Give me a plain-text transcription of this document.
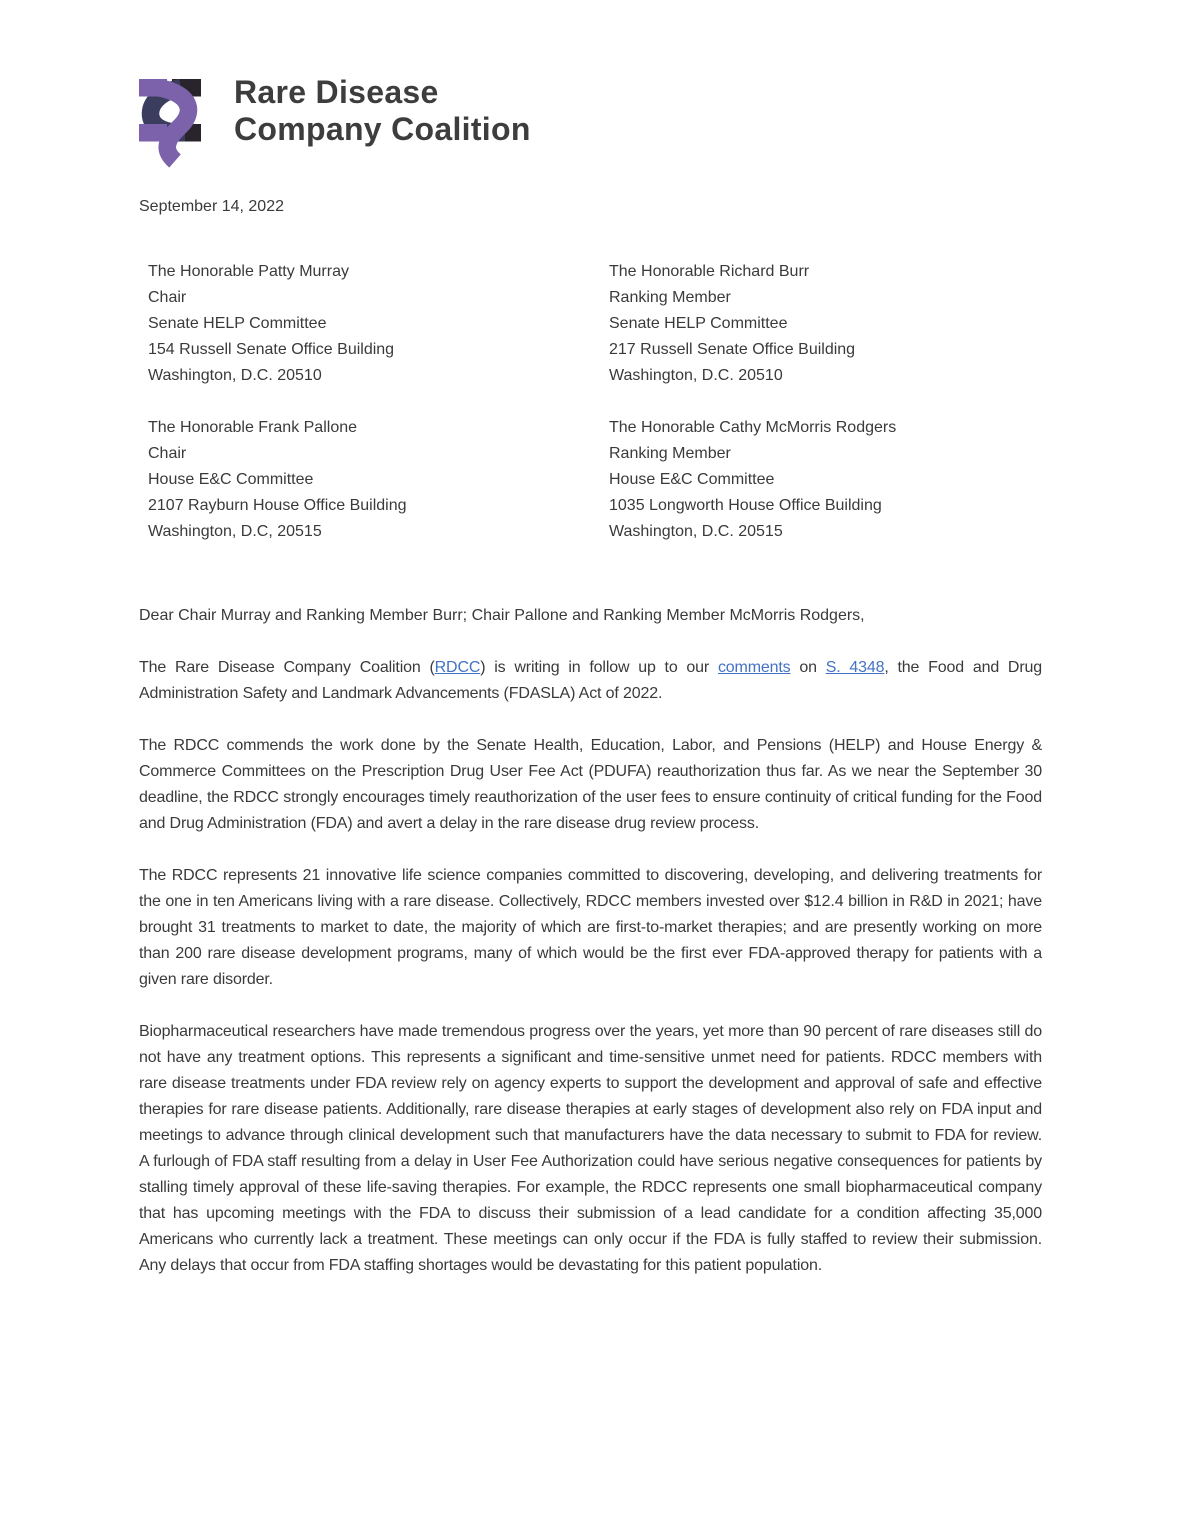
Rare Disease
Company Coalition
September 14, 2022
The Honorable Patty Murray
Chair
Senate HELP Committee
154 Russell Senate Office Building
Washington, D.C. 20510
The Honorable Richard Burr
Ranking Member
Senate HELP Committee
217 Russell Senate Office Building
Washington, D.C. 20510
The Honorable Frank Pallone
Chair
House E&C Committee
2107 Rayburn House Office Building
Washington, D.C, 20515
The Honorable Cathy McMorris Rodgers
Ranking Member
House E&C Committee
1035 Longworth House Office Building
Washington, D.C. 20515

Dear Chair Murray and Ranking Member Burr; Chair Pallone and Ranking Member McMorris Rodgers,

The Rare Disease Company Coalition (RDCC) is writing in follow up to our comments on S. 4348, the Food and Drug Administration Safety and Landmark Advancements (FDASLA) Act of 2022.

The RDCC commends the work done by the Senate Health, Education, Labor, and Pensions (HELP) and House Energy & Commerce Committees on the Prescription Drug User Fee Act (PDUFA) reauthorization thus far. As we near the September 30 deadline, the RDCC strongly encourages timely reauthorization of the user fees to ensure continuity of critical funding for the Food and Drug Administration (FDA) and avert a delay in the rare disease drug review process.

The RDCC represents 21 innovative life science companies committed to discovering, developing, and delivering treatments for the one in ten Americans living with a rare disease. Collectively, RDCC members invested over $12.4 billion in R&D in 2021; have brought 31 treatments to market to date, the majority of which are first-to-market therapies; and are presently working on more than 200 rare disease development programs, many of which would be the first ever FDA-approved therapy for patients with a given rare disorder.

Biopharmaceutical researchers have made tremendous progress over the years, yet more than 90 percent of rare diseases still do not have any treatment options. This represents a significant and time-sensitive unmet need for patients. RDCC members with rare disease treatments under FDA review rely on agency experts to support the development and approval of safe and effective therapies for rare disease patients. Additionally, rare disease therapies at early stages of development also rely on FDA input and meetings to advance through clinical development such that manufacturers have the data necessary to submit to FDA for review. A furlough of FDA staff resulting from a delay in User Fee Authorization could have serious negative consequences for patients by stalling timely approval of these life-saving therapies. For example, the RDCC represents one small biopharmaceutical company that has upcoming meetings with the FDA to discuss their submission of a lead candidate for a condition affecting 35,000 Americans who currently lack a treatment. These meetings can only occur if the FDA is fully staffed to review their submission. Any delays that occur from FDA staffing shortages would be devastating for this patient population.
